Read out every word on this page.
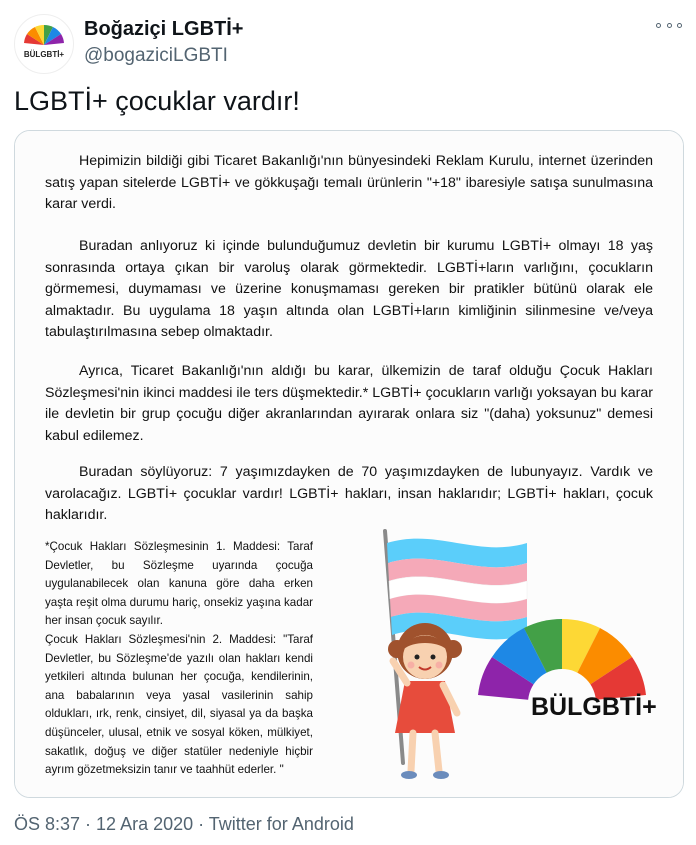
BÜLGBTİ+
Boğaziçi LGBTİ+
@bogaziciLGBTI
LGBTİ+ çocuklar vardır!
Hepimizin bildiği gibi Ticaret Bakanlığı'nın bünyesindeki Reklam Kurulu, internet üzerinden satış yapan sitelerde LGBTİ+ ve gökkuşağı temalı ürünlerin "+18" ibaresiyle satışa sunulmasına karar verdi.
Buradan anlıyoruz ki içinde bulunduğumuz devletin bir kurumu LGBTİ+ olmayı 18 yaş sonrasında ortaya çıkan bir varoluş olarak görmektedir. LGBTİ+ların varlığını, çocukların görmemesi, duymaması ve üzerine konuşmaması gereken bir pratikler bütünü olarak ele almaktadır. Bu uygulama 18 yaşın altında olan LGBTİ+ların kimliğinin silinmesine ve/veya tabulaştırılmasına sebep olmaktadır.
Ayrıca, Ticaret Bakanlığı'nın aldığı bu karar, ülkemizin de taraf olduğu Çocuk Hakları Sözleşmesi'nin ikinci maddesi ile ters düşmektedir.* LGBTİ+ çocukların varlığı yoksayan bu karar ile devletin bir grup çocuğu diğer akranlarından ayırarak onlara siz "(daha) yoksunuz" demesi kabul edilemez.
Buradan söylüyoruz: 7 yaşımızdayken de 70 yaşımızdayken de lubunyayız. Vardık ve varolacağız. LGBTİ+ çocuklar vardır! LGBTİ+ hakları, insan haklarıdır; LGBTİ+ hakları, çocuk haklarıdır.

*Çocuk Hakları Sözleşmesinin 1. Maddesi: Taraf Devletler, bu Sözleşme uyarında çocuğa uygulanabilecek olan kanuna göre daha erken yaşta reşit olma durumu hariç, onsekiz yaşına kadar her insan çocuk sayılır.

Çocuk Hakları Sözleşmesi'nin 2. Maddesi: "Taraf Devletler, bu Sözleşme'de yazılı olan hakları kendi yetkileri altında bulunan her çocuğa, kendilerinin, ana babalarının veya yasal vasilerinin sahip oldukları, ırk, renk, cinsiyet, dil, siyasal ya da başka düşünceler, ulusal, etnik ve sosyal köken, mülkiyet, sakatlık, doğuş ve diğer statüler nedeniyle hiçbir ayrım gözetmeksizin tanır ve taahhüt ederler. "

BÜLGBTİ+
ÖS 8:37 · 12 Ara 2020 · Twitter for Android
